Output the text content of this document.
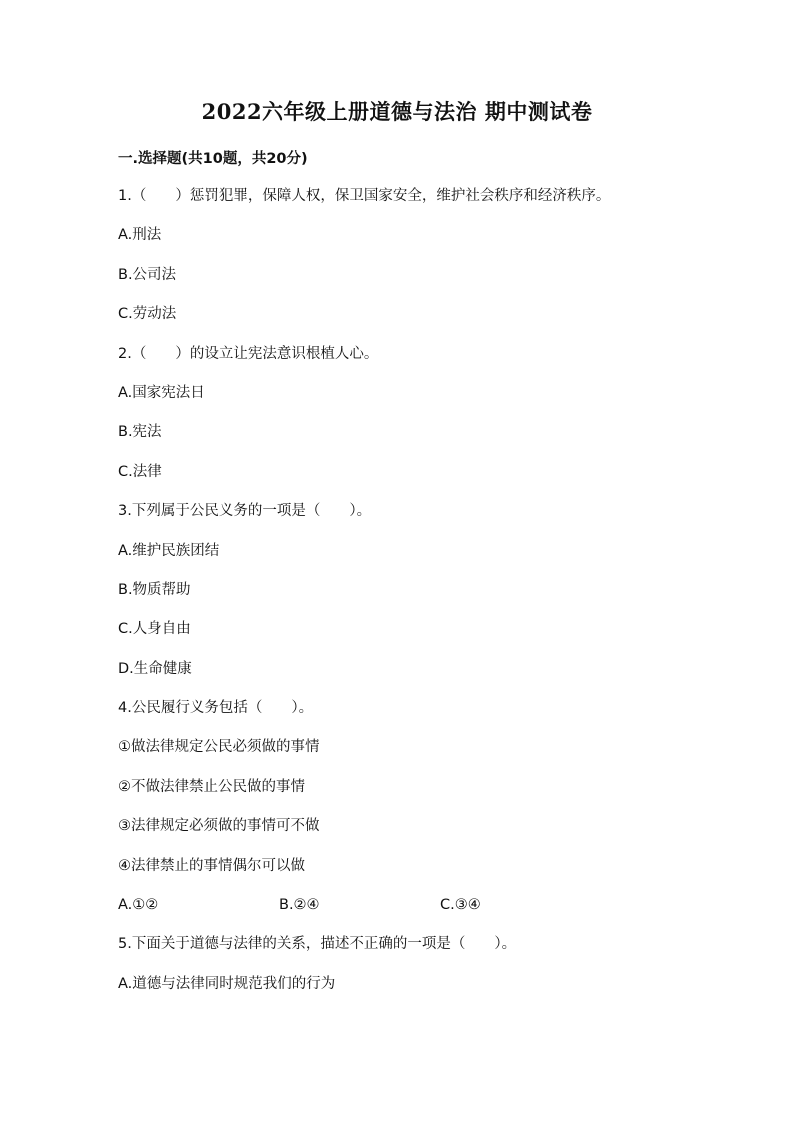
2022六年级上册道德与法治 期中测试卷
一.选择题(共10题，共20分)
1.（　　）惩罚犯罪，保障人权，保卫国家安全，维护社会秩序和经济秩序。
A.刑法
B.公司法
C.劳动法
2.（　　）的设立让宪法意识根植人心。
A.国家宪法日
B.宪法
C.法律
3.下列属于公民义务的一项是（　　）。
A.维护民族团结
B.物质帮助
C.人身自由
D.生命健康
4.公民履行义务包括（　　）。
①做法律规定公民必须做的事情
②不做法律禁止公民做的事情
③法律规定必须做的事情可不做
④法律禁止的事情偶尔可以做
A.①②	B.②④	C.③④
5.下面关于道德与法律的关系，描述不正确的一项是（　　）。
A.道德与法律同时规范我们的行为
